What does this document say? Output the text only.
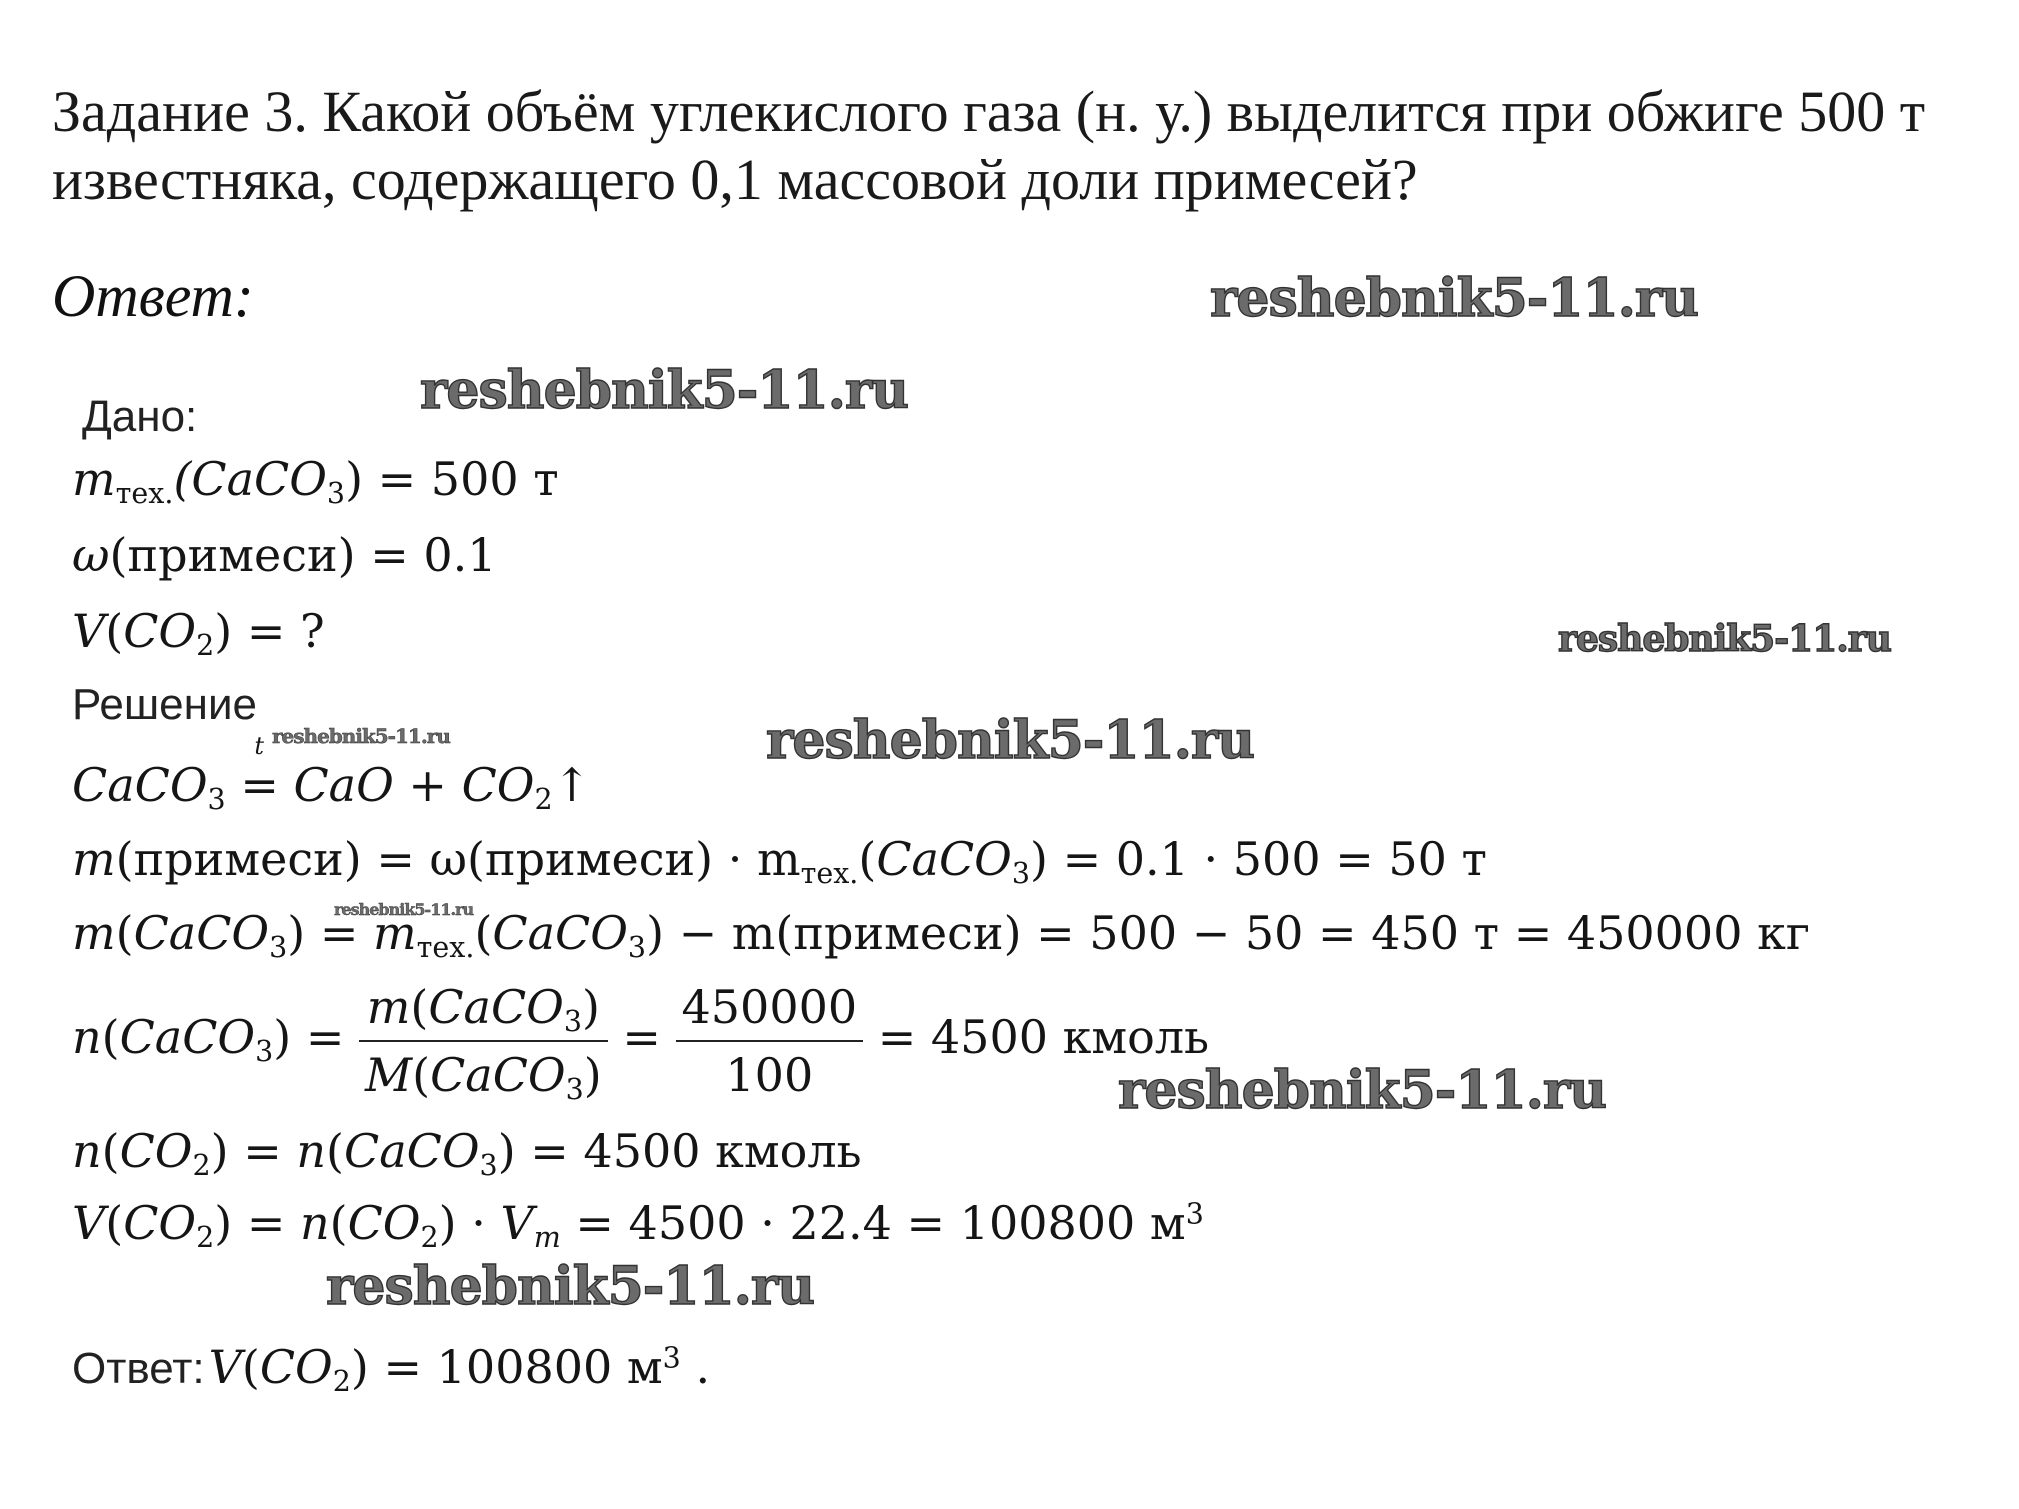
Задание 3. Какой объём углекислого газа (н. у.) выделится при обжиге 500 т
известняка, содержащего 0,1 массовой доли примесей?
Ответ:
Дано:
$m_{тех.}(CaCO_3) = 500$ т
ω(примеси) = 0.1
$V(CO_2)$ = ?
Решение
CaCO$_3$ =
t
CaO + $CO_2↑$
m(примеси) = ω(примеси) · $m_{тех.}(CaCO_3) = 0.1 \cdot 500 = 50$ т
m(CaCO$_3$) = $m_{тех.}(CaCO_3)$ − m(примеси) = 500 − 50 = 450 т = 450000 кг
n(CaCO$_3$) = $\frac{m(CaCO_3)}{M(CaCO_3)} = \frac{450000}{100} = 4500$ кмоль
$n(CO_2)$ = n(CaCO$_3$) = 4500 кмоль
$V(CO_2) = n(CO_2) \cdot V_m = 4500 \cdot 22.4 = 100800$ $м^3$
Ответ: $V(CO_2) = 100800$ $м^3$ .
reshebnik5-11.ru
reshebnik5-11.ru
reshebnik5-11.ru
reshebnik5-11.ru	reshebnik5-11.ru
reshebnik5-11.ru
reshebnik5-11.ru
reshebnik5-11.ru
